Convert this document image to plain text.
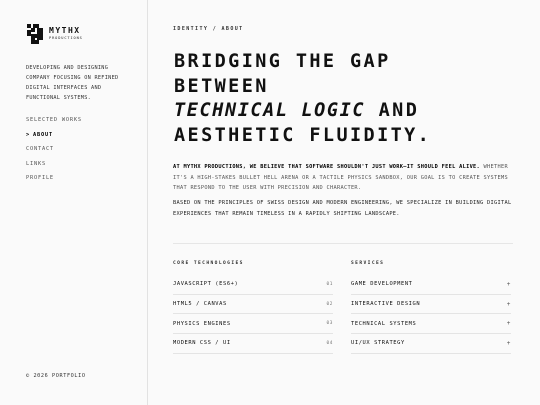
MYTHX
PRODUCTIONS

DEVELOPING AND DESIGNING COMPANY FOCUSING ON REFINED DIGITAL INTERFACES AND FUNCTIONAL SYSTEMS.

SELECTED WORKS
> ABOUT
CONTACT
LINKS
PROFILE
© 2026 PORTFOLIO
IDENTITY / ABOUT
BRIDGING THE GAP
BETWEEN
TECHNICAL LOGIC AND
AESTHETIC FLUIDITY.

AT MYTHX PRODUCTIONS, WE BELIEVE THAT SOFTWARE SHOULDN'T JUST WORK—IT SHOULD FEEL ALIVE. WHETHER IT'S A HIGH-STAKES BULLET HELL ARENA OR A TACTILE PHYSICS SANDBOX, OUR GOAL IS TO CREATE SYSTEMS THAT RESPOND TO THE USER WITH PRECISION AND CHARACTER.

BASED ON THE PRINCIPLES OF SWISS DESIGN AND MODERN ENGINEERING, WE SPECIALIZE IN BUILDING DIGITAL EXPERIENCES THAT REMAIN TIMELESS IN A RAPIDLY SHIFTING LANDSCAPE.

CORE TECHNOLOGIES
JAVASCRIPT (ES6+)	01
HTML5 / CANVAS	02
PHYSICS ENGINES	03
MODERN CSS / UI	04
SERVICES
GAME DEVELOPMENT	+
INTERACTIVE DESIGN	+
TECHNICAL SYSTEMS	+
UI/UX STRATEGY	+
